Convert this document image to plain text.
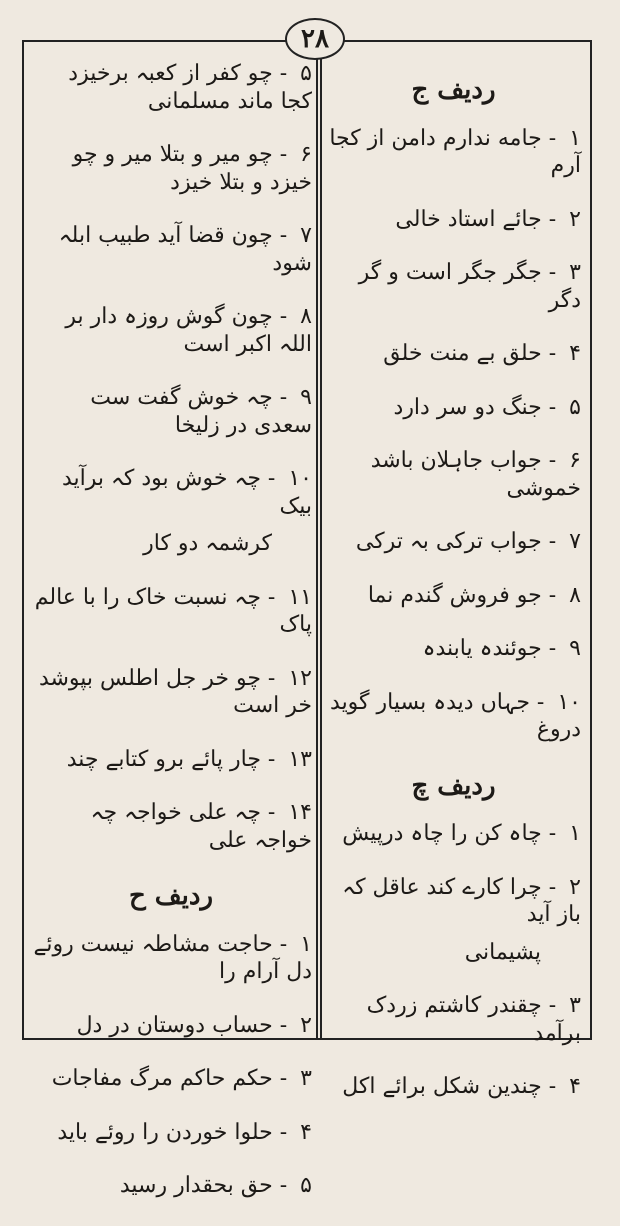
۲۸
ردیف ج
۱ - جامه ندارم دامن از کجا آرم
۲ - جائے استاد خالی
۳ - جگر جگر است و گر دگر
۴ - حلق بے منت خلق
۵ - جنگ دو سر دارد
۶ - جواب جاہلان باشد خموشی
۷ - جواب ترکی بہ ترکی
۸ - جو فروش گندم نما
۹ - جوئندہ یابندہ
۱۰ - جہاں دیدہ بسیار گوید دروغ
ردیف چ
۱ - چاہ کن را چاہ درپیش
۲ - چرا کارے کند عاقل کہ باز آید
پشیمانی
۳ - چقندر کاشتم زردک برآمد
۴ - چندین شکل برائے اکل
۵ - چو کفر از کعبہ برخیزد کجا ماند مسلمانی
۶ - چو میر و بتلا میر و چو خیزد و بتلا خیزد
۷ - چون قضا آید طبیب ابلہ شود
۸ - چون گوش روزہ دار بر اللہ اکبر است
۹ - چہ خوش گفت ست سعدی در زلیخا
۱۰ - چہ خوش بود کہ برآید بیک
کرشمہ دو کار
۱۱ - چہ نسبت خاک را با عالم پاک
۱۲ - چو خر جل اطلس بپوشد خر است
۱۳ - چار پائے برو کتابے چند
۱۴ - چہ علی خواجہ چہ خواجہ علی
ردیف ح
۱ - حاجت مشاطہ نیست روئے دل آرام را
۲ - حساب دوستان در دل
۳ - حکم حاکم مرگ مفاجات
۴ - حلوا خوردن را روئے باید
۵ - حق بحقدار رسید
